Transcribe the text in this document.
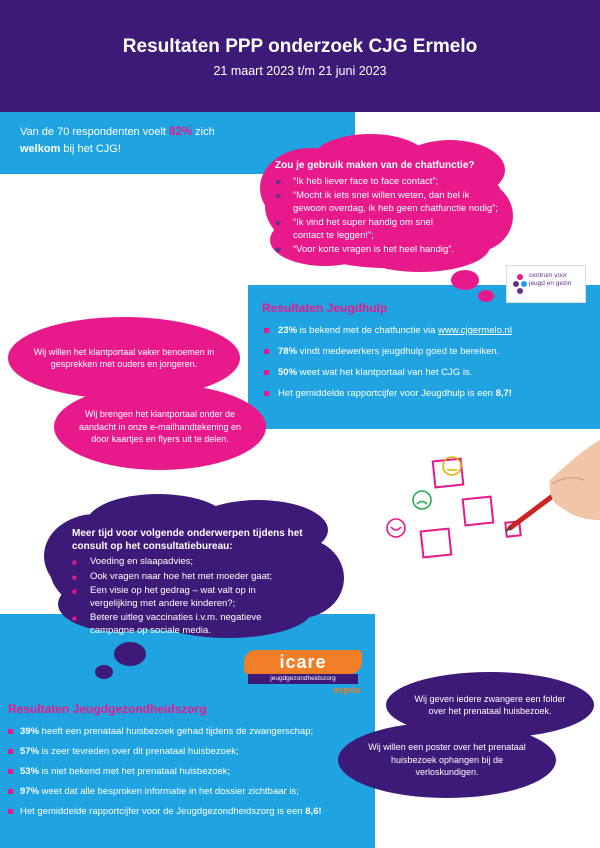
Resultaten PPP onderzoek CJG Ermelo
21 maart 2023 t/m 21 juni 2023
Van de 70 respondenten voelt 82% zich
welkom bij het CJG!
Zou je gebruik maken van de chatfunctie?
☛ “Ik heb liever face to face contact”;
☛ “Mocht ik iets snel willen weten, dan bel ik gewoon overdag, ik heb geen chatfunctie nodig”;
☛ “Ik vind het super handig om snel contact te leggen!”;
☛ “Voor korte vragen is het heel handig”.
centrum voor
jeugd en gezin
Resultaten Jeugdhulp
23% is bekend met de chatfunctie via www.cjgermelo.nl
78% vindt medewerkers jeugdhulp goed te bereiken.
50% weet wat het klantportaal van het CJG is.
Het gemiddelde rapportcijfer voor Jeugdhulp is een 8,7!
Wij willen het klantportaal vaker benoemen in gesprekken met ouders en jongeren.
Wij brengen het klantportaal onder de aandacht in onze e-mailhandtekening en door kaartjes en flyers uit te delen.
Meer tijd voor volgende onderwerpen tijdens het consult op het consultatiebureau:
■ Voeding en slaapadvies;
■ Ook vragen naar hoe het met moeder gaat;
■ Een visie op het gedrag – wat valt op in vergelijking met andere kinderen?;
■ Betere uitleg vaccinaties i.v.m. negatieve campagne op sociale media.
icare
jeugdgezondheidszorg
espria
Resultaten Jeugdgezondheidszorg
39% heeft een prenataal huisbezoek gehad tijdens de zwangerschap;
57% is zeer tevreden over dit prenataal huisbezoek;
53% is niet bekend met het prenataal huisbezoek;
97% weet dat alle besproken informatie in het dossier zichtbaar is;
Het gemiddelde rapportcijfer voor de Jeugdgezondheidszorg is een 8,6!
Wij geven iedere zwangere een folder over het prenataal huisbezoek.
Wij willen een poster over het prenataal huisbezoek ophangen bij de verloskundigen.
